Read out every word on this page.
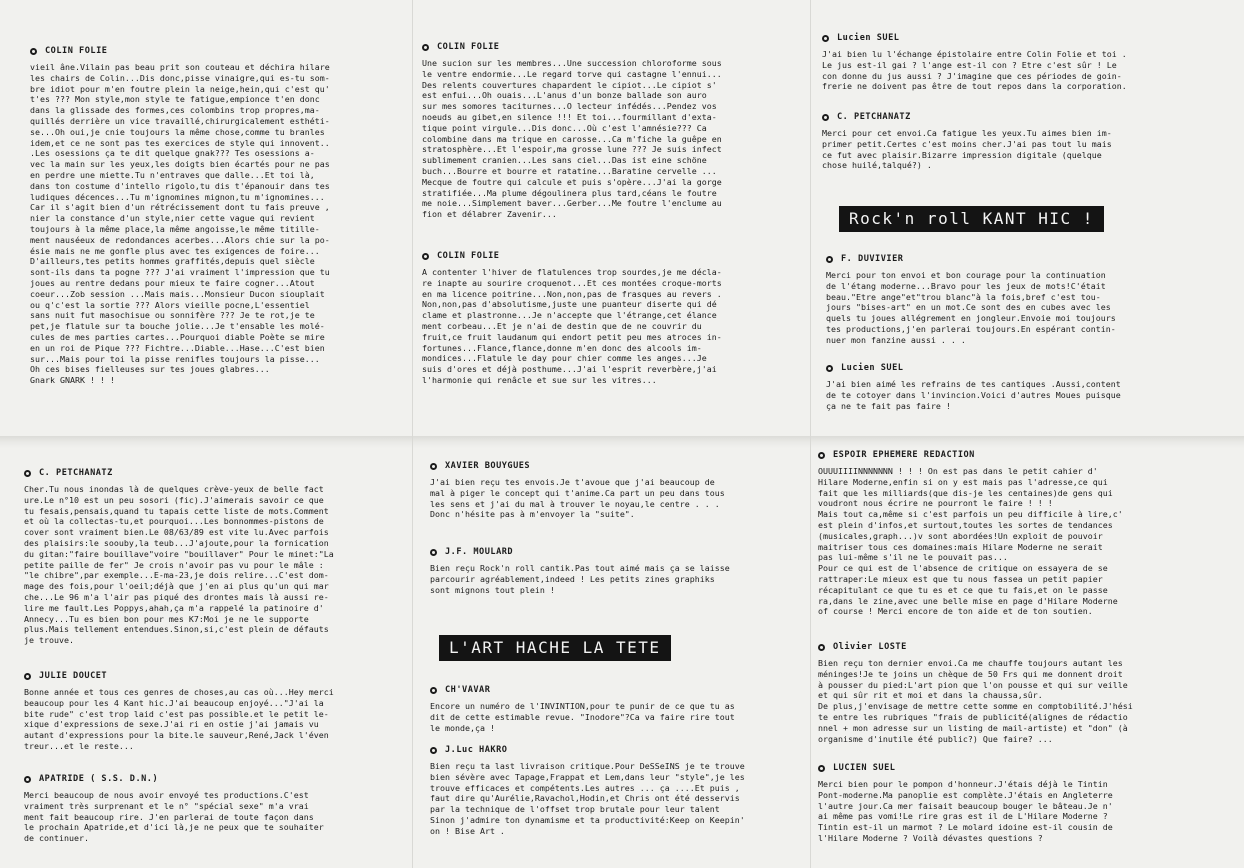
Rock'n roll KANT HIC !
L'ART HACHE LA TETE
COLIN FOLIE
vieil âne.Vilain pas beau prit son couteau et déchira hilare
les chairs de Colin...Dis donc,pisse vinaigre,qui es-tu som-
bre idiot pour m'en foutre plein la neige,hein,qui c'est qu'
t'es ??? Mon style,mon style te fatigue,empionce t'en donc
dans la glissade des formes,ces colombins trop propres,ma-
quillés derrière un vice travaillé,chirurgicalement esthéti-
se...Oh oui,je cnie toujours la même chose,comme tu branles
idem,et ce ne sont pas tes exercices de style qui innovent..
.Les osessions ça te dit quelque gnak??? Tes osessions a-
vec la main sur les yeux,les doigts bien écartés pour ne pas
en perdre une miette.Tu n'entraves que dalle...Et toi là,
dans ton costume d'intello rigolo,tu dis t'épanouir dans tes
ludiques décences...Tu m'ignomines mignon,tu m'ignomines...
Car il s'agit bien d'un rétrécissement dont tu fais preuve ,
nier la constance d'un style,nier cette vague qui revient
toujours à la même place,la même angoisse,le même titille-
ment nauséeux de redondances acerbes...Alors chie sur la po-
ésie mais ne me gonfle plus avec tes exigences de foire...
D'ailleurs,tes petits hommes graffités,depuis quel siècle
sont-ils dans ta pogne ??? J'ai vraiment l'impression que tu
joues au rentre dedans pour mieux te faire cogner...Atout
coeur...Zob session ...Mais mais...Monsieur Ducon siouplait
ou q'c'est la sortie ??? Alors vieille pocne,L'essentiel
sans nuit fut masochisue ou sonnifère ??? Je te rot,je te
pet,je flatule sur ta bouche jolie...Je t'ensable les molé-
cules de mes parties cartes...Pourquoi diable Poète se mire
en un roi de Pique ??? Fichtre...Diable...Hase...C'est bien
sur...Mais pour toi la pisse renifles toujours la pisse...
Oh ces bises fielleuses sur tes joues glabres...
Gnark GNARK ! ! !
COLIN FOLIE
Une sucion sur les membres...Une succession chloroforme sous
le ventre endormie...Le regard torve qui castagne l'ennui...
Des relents couvertures chapardent le cipiot...Le cipiot s'
est enfui...Oh ouais...L'anus d'un bonze ballade son auro
sur mes somores taciturnes...O lecteur infédés...Pendez vos
noeuds au gibet,en silence !!! Et toi...fourmillant d'exta-
tique point virgule...Dis donc...Où c'est l'amnésie??? Ca
colombine dans ma trique en carosse...Ca m'fiche la guêpe en
stratosphère...Et l'espoir,ma grosse lune ??? Je suis infect
sublimement cranien...Les sans ciel...Das ist eine schöne
buch...Bourre et bourre et ratatine...Baratine cervelle ...
Mecque de foutre qui calcule et puis s'opère...J'ai la gorge
stratifiée...Ma plume dégoulinera plus tard,céans le foutre
me noie...Simplement baver...Gerber...Me foutre l'enclume au
fion et délabrer Zavenir...
COLIN FOLIE
A contenter l'hiver de flatulences trop sourdes,je me décla-
re inapte au sourire croquenot...Et ces montées croque-morts
en ma licence poitrine...Non,non,pas de frasques au revers .
Non,non,pas d'absolutisme,juste une puanteur diserte qui dé
clame et plastronne...Je n'accepte que l'étrange,cet élance
ment corbeau...Et je n'ai de destin que de ne couvrir du
fruit,ce fruit laudanum qui endort petit peu mes atroces in-
fortunes...Flance,flance,donne m'en donc des alcools im-
mondices...Flatule le day pour chier comme les anges...Je
suis d'ores et déjà posthume...J'ai l'esprit reverbère,j'ai
l'harmonie qui renâcle et sue sur les vitres...
Lucien SUEL
J'ai bien lu l'échange épistolaire entre Colin Folie et toi .
Le jus est-il gai ? l'ange est-il con ? Etre c'est sûr ! Le
con donne du jus aussi ? J'imagine que ces périodes de goin-
frerie ne doivent pas être de tout repos dans la corporation.
C. PETCHANATZ
Merci pour cet envoi.Ca fatigue les yeux.Tu aimes bien im-
primer petit.Certes c'est moins cher.J'ai pas tout lu mais
ce fut avec plaisir.Bizarre impression digitale (quelque
chose huilé,talqué?) .
F. DUVIVIER
Merci pour ton envoi et bon courage pour la continuation
de l'étang moderne...Bravo pour les jeux de mots!C'était
beau."Etre ange"et"trou blanc"à la fois,bref c'est tou-
jours "bises-art" en un mot.Ce sont des en cubes avec les
quels tu joues allégrement en jongleur.Envoie moi toujours
tes productions,j'en parlerai toujours.En espérant contin-
nuer mon fanzine aussi . . .
Lucien SUEL
J'ai bien aimé les refrains de tes cantiques .Aussi,content
de te cotoyer dans l'invincion.Voici d'autres Moues puisque
ça ne te fait pas faire !
C. PETCHANATZ
Cher.Tu nous inondas là de quelques crève-yeux de belle fact
ure.Le n°10 est un peu sosori (fic).J'aimerais savoir ce que
tu fesais,pensais,quand tu tapais cette liste de mots.Comment
et où la collectas-tu,et pourquoi...Les bonnommes-pistons de
cover sont vraiment bien.Le 08/63/89 est vite lu.Avec parfois
des plaisirs:le soouby,la teub...J'ajoute,pour la fornication
du gitan:"faire bouillave"voire "bouillaver" Pour le minet:"La
petite paille de fer" Je crois n'avoir pas vu pour le mâle :
"le chibre",par exemple...E-ma-23,je dois relire...C'est dom-
mage des fois,pour l'oeil;déjà que j'en ai plus qu'un qui mar
che...Le 96 m'a l'air pas piqué des drontes mais là aussi re-
lire me fault.Les Poppys,ahah,ça m'a rappelé la patinoire d'
Annecy...Tu es bien bon pour mes K7:Moi je ne le supporte
plus.Mais tellement entendues.Sinon,si,c'est plein de défauts
je trouve.
JULIE DOUCET
Bonne année et tous ces genres de choses,au cas où...Hey merci
beaucoup pour les 4 Kant hic.J'ai beaucoup enjoyé..."J'ai la
bite rude" c'est trop laid c'est pas possible.et le petit le-
xique d'expressions de sexe.J'ai ri en ostie j'ai jamais vu
autant d'expressions pour la bite.le sauveur,René,Jack l'éven
treur...et le reste...
APATRIDE ( S.S. D.N.)
Merci beaucoup de nous avoir envoyé tes productions.C'est
vraiment très surprenant et le n° "spécial sexe" m'a vrai
ment fait beaucoup rire. J'en parlerai de toute façon dans
le prochain Apatride,et d'ici là,je ne peux que te souhaiter
de continuer.
XAVIER BOUYGUES
J'ai bien reçu tes envois.Je t'avoue que j'ai beaucoup de
mal à piger le concept qui t'anime.Ca part un peu dans tous
les sens et j'ai du mal à trouver le noyau,le centre . . .
Donc n'hésite pas à m'envoyer la "suite".
J.F. MOULARD
Bien reçu Rock'n roll cantik.Pas tout aimé mais ça se laisse
parcourir agréablement,indeed ! Les petits zines graphiks
sont mignons tout plein !
CH'VAVAR
Encore un numéro de l'INVINTION,pour te punir de ce que tu as
dit de cette estimable revue. "Inodore"?Ca va faire rire tout
le monde,ça !
J.Luc HAKRO
Bien reçu ta last livraison critique.Pour DeSSeINS je te trouve
bien sévère avec Tapage,Frappat et Lem,dans leur "style",je les
trouve efficaces et compétents.Les autres ... ça ....Et puis ,
faut dire qu'Aurélie,Ravachol,Hodin,et Chris ont été desservis
par la technique de l'offset trop brutale pour leur talent
Sinon j'admire ton dynamisme et ta productivité:Keep on Keepin'
on ! Bise Art .
ESPOIR EPHEMERE REDACTION
OUUUIIIINNNNNNN ! ! ! On est pas dans le petit cahier d'
Hilare Moderne,enfin si on y est mais pas l'adresse,ce qui
fait que les milliards(que dis-je les centaines)de gens qui
voudront nous écrire ne pourront le faire ! ! !
Mais tout ca,même si c'est parfois un peu difficile à lire,c'
est plein d'infos,et surtout,toutes les sortes de tendances
(musicales,graph...)v sont abordées!Un exploit de pouvoir
maitriser tous ces domaines:mais Hilare Moderne ne serait
pas lui-même s'il ne le pouvait pas...
Pour ce qui est de l'absence de critique on essayera de se
rattraper:Le mieux est que tu nous fassea un petit papier
récapitulant ce que tu es et ce que tu fais,et on le passe
ra,dans le zine,avec une belle mise en page d'Hilare Moderne
of course ! Merci encore de ton aide et de ton soutien.
Olivier LOSTE
Bien reçu ton dernier envoi.Ca me chauffe toujours autant les
méninges!Je te joins un chèque de 50 Frs qui me donnent droit
à pousser du pied:L'art pion que l'on pousse et qui sur veille
et qui sûr rit et moi et dans la chaussa,sûr.
De plus,j'envisage de mettre cette somme en comptobilité.J'hési
te entre les rubriques "frais de publicité(alignes de rédactio
nnel + mon adresse sur un listing de mail-artiste) et "don" (à
organisme d'inutile été public?) Que faire? ...
LUCIEN SUEL
Merci bien pour le pompon d'honneur.J'étais déjà le Tintin
Pont-moderne.Ma panoplie est complète.J'étais en Angleterre
l'autre jour.Ca mer faisait beaucoup bouger le bâteau.Je n'
ai même pas vomi!Le rire gras est il de L'Hilare Moderne ?
Tintin est-il un marmot ? Le molard idoine est-il cousin de
l'Hilare Moderne ? Voilà dévastes questions ?
